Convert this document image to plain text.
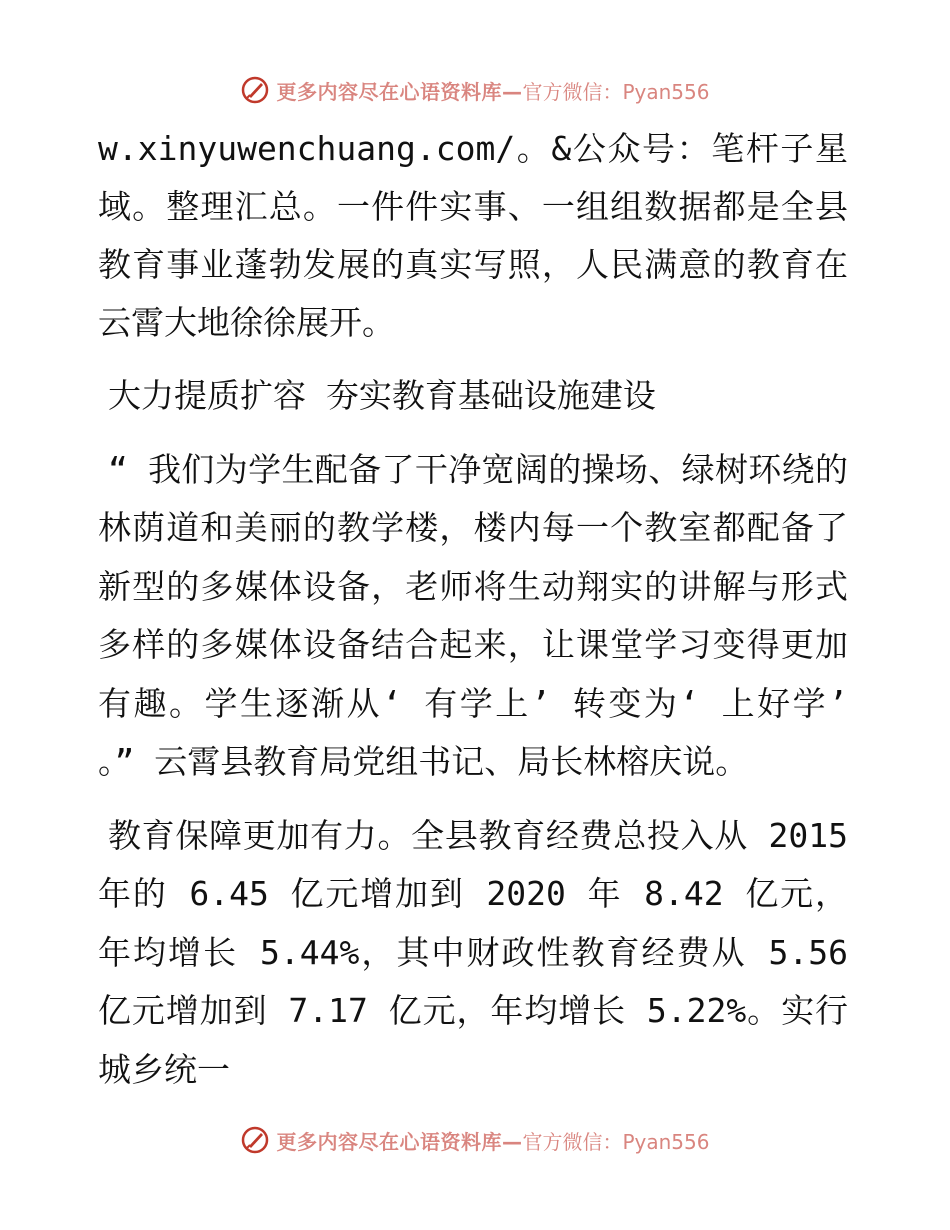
更多内容尽在心语资料库— 官方微信：Pyan556

w.xinyuwenchuang.com/。&公众号：笔杆子星域。整理汇总。一件件实事、一组组数据都是全县教育事业蓬勃发展的真实写照，人民满意的教育在云霄大地徐徐展开。

大力提质扩容 夯实教育基础设施建设

“ 我们为学生配备了干净宽阔的操场、绿树环绕的林荫道和美丽的教学楼，楼内每一个教室都配备了新型的多媒体设备，老师将生动翔实的讲解与形式多样的多媒体设备结合起来，让课堂学习变得更加有趣。学生逐渐从‘ 有学上’ 转变为‘ 上好学’ 。” 云霄县教育局党组书记、局长林榕庆说。

教育保障更加有力。全县教育经费总投入从 2015 年的 6.45 亿元增加到 2020 年 8.42 亿元，年均增长 5.44%，其中财政性教育经费从 5.56 亿元增加到 7.17 亿元，年均增长 5.22%。实行城乡统一

更多内容尽在心语资料库— 官方微信：Pyan556
